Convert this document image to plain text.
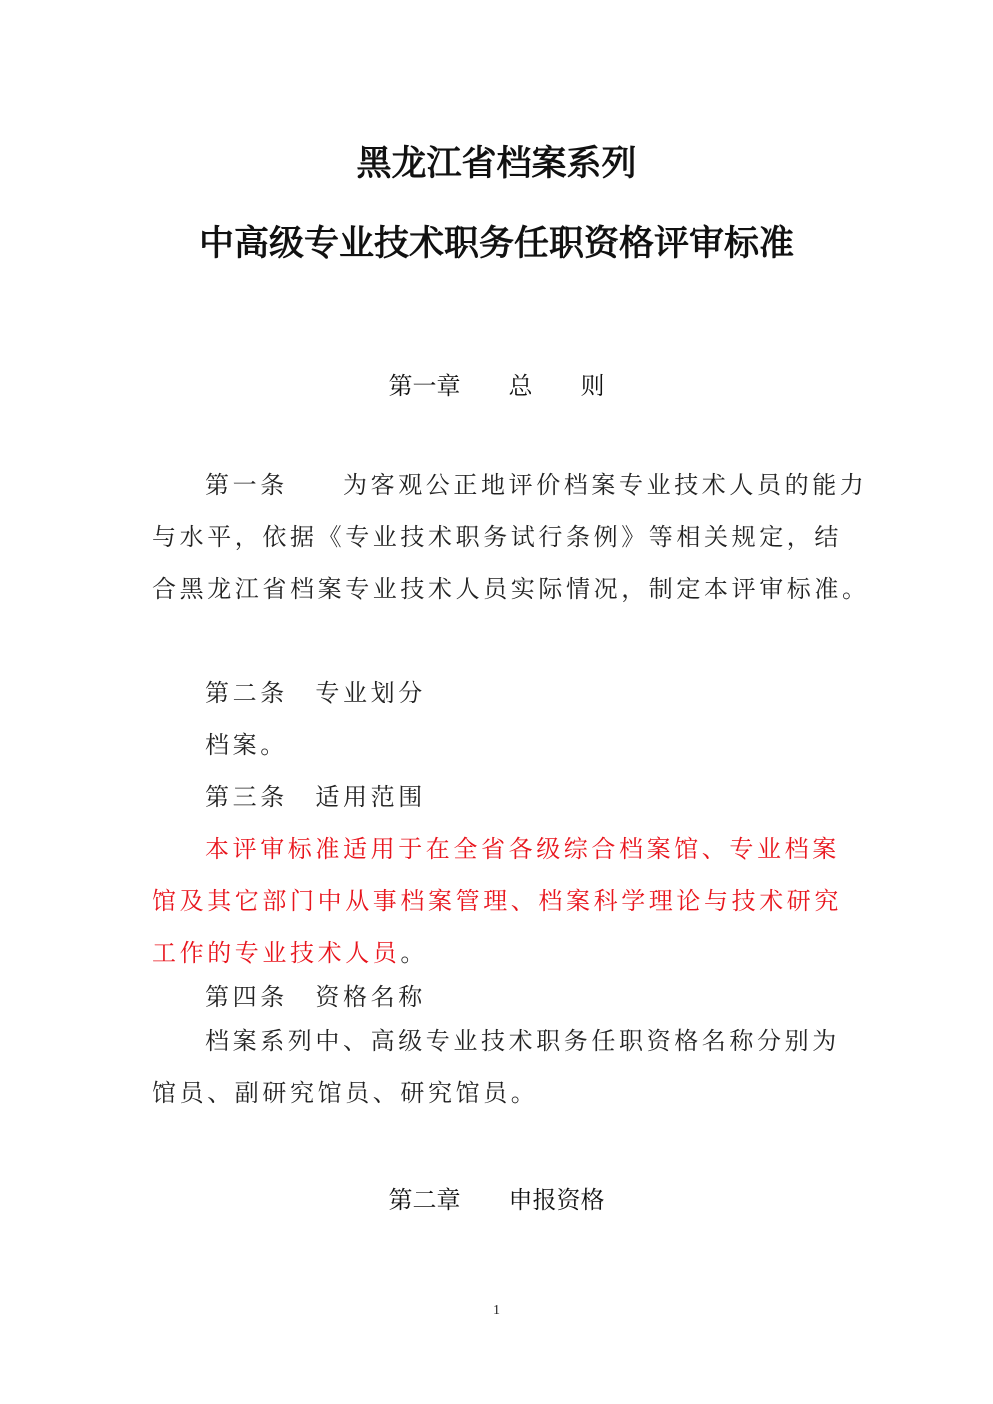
黑龙江省档案系列
中高级专业技术职务任职资格评审标准
第一章　　总　　则
第一条　　为客观公正地评价档案专业技术人员的能力
与水平，依据《专业技术职务试行条例》等相关规定，结
合黑龙江省档案专业技术人员实际情况，制定本评审标准。
第二条　专业划分
档案。
第三条　适用范围
本评审标准适用于在全省各级综合档案馆、专业档案
馆及其它部门中从事档案管理、档案科学理论与技术研究
工作的专业技术人员。
第四条　资格名称
档案系列中、高级专业技术职务任职资格名称分别为
馆员、副研究馆员、研究馆员。
第二章　　申报资格
1
